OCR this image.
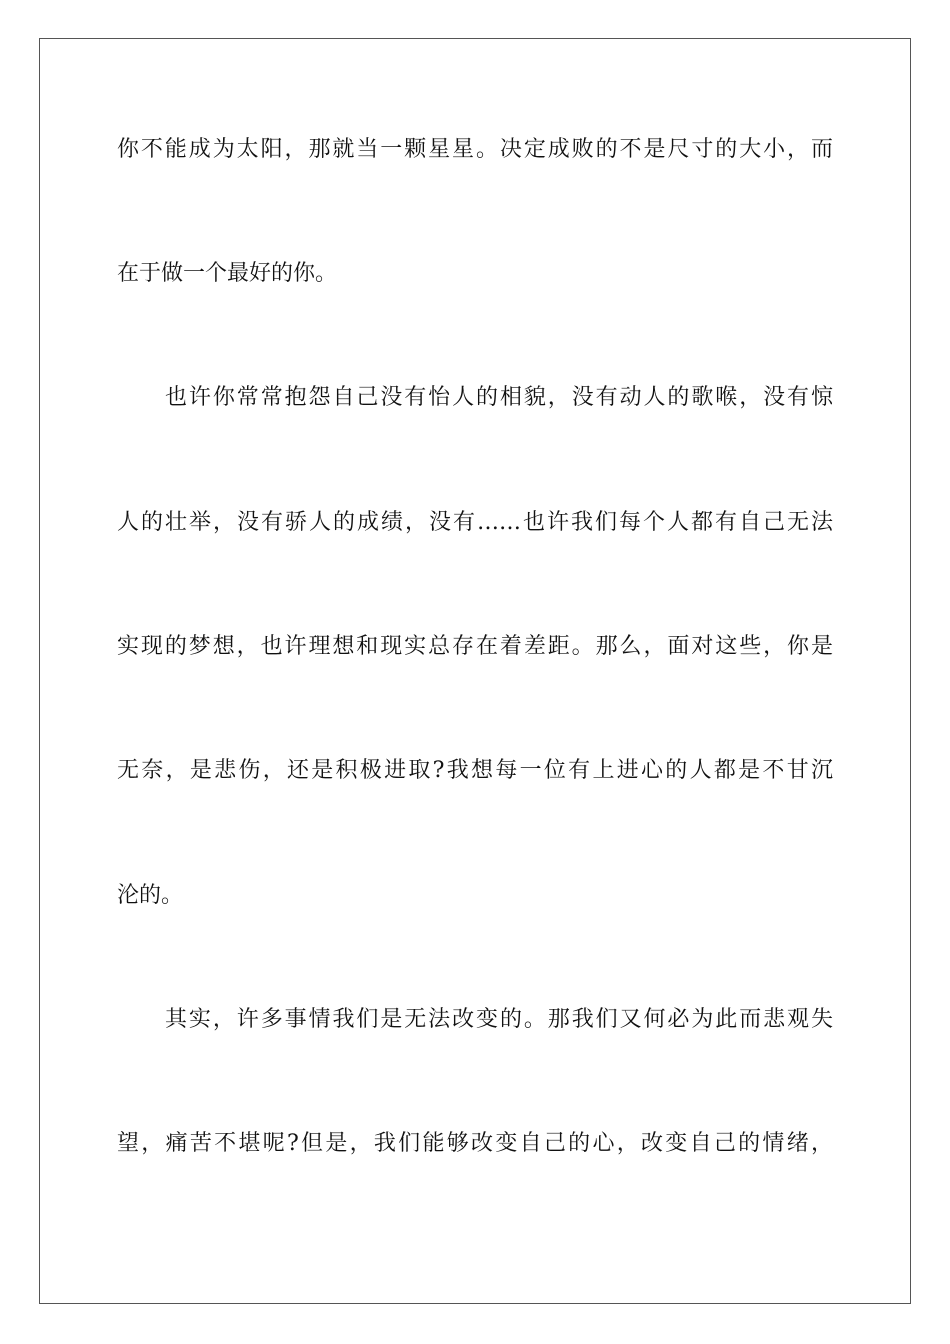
你不能成为太阳，那就当一颗星星。决定成败的不是尺寸的大小，而
在于做一个最好的你。
也许你常常抱怨自己没有怡人的相貌，没有动人的歌喉，没有惊
人的壮举，没有骄人的成绩，没有……也许我们每个人都有自己无法
实现的梦想，也许理想和现实总存在着差距。那么，面对这些，你是
无奈，是悲伤，还是积极进取?我想每一位有上进心的人都是不甘沉
沦的。
其实，许多事情我们是无法改变的。那我们又何必为此而悲观失
望，痛苦不堪呢?但是，我们能够改变自己的心，改变自己的情绪，
